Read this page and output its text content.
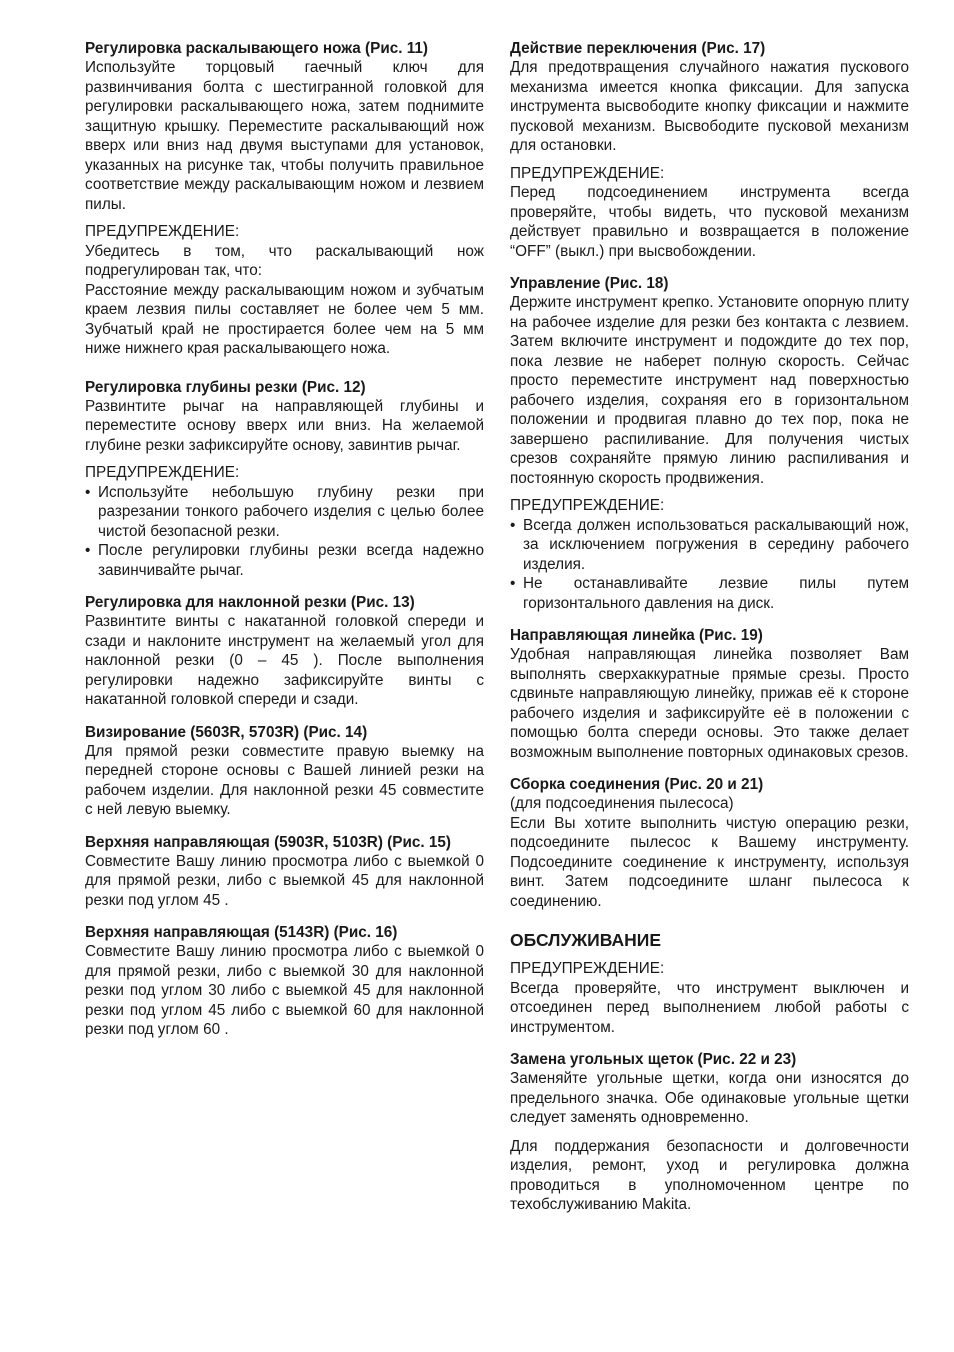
Регулировка раскалывающего ножа (Рис. 11)
Используйте торцовый гаечный ключ для развинчивания болта с шестигранной головкой для регулировки раскалывающего ножа, затем поднимите защитную крышку. Переместите раскалывающий нож вверх или вниз над двумя выступами для установок, указанных на рисунке так, чтобы получить правильное соответствие между раскалывающим ножом и лезвием пилы.
ПРЕДУПРЕЖДЕНИЕ:
Убедитесь в том, что раскалывающий нож подрегулирован так, что:
Расстояние между раскалывающим ножом и зубчатым краем лезвия пилы составляет не более чем 5 мм. Зубчатый край не простирается более чем на 5 мм ниже нижнего края раскалывающего ножа.
Регулировка глубины резки (Рис. 12)
Развинтите рычаг на направляющей глубины и переместите основу вверх или вниз. На желаемой глубине резки зафиксируйте основу, завинтив рычаг.
ПРЕДУПРЕЖДЕНИЕ:
• Используйте небольшую глубину резки при разрезании тонкого рабочего изделия с целью более чистой безопасной резки.
• После регулировки глубины резки всегда надежно завинчивайте рычаг.
Регулировка для наклонной резки (Рис. 13)
Развинтите винты с накатанной головкой спереди и сзади и наклоните инструмент на желаемый угол для наклонной резки (0 – 45 ). После выполнения регулировки надежно зафиксируйте винты с накатанной головкой спереди и сзади.
Визирование (5603R, 5703R) (Рис. 14)
Для прямой резки совместите правую выемку на передней стороне основы с Вашей линией резки на рабочем изделии. Для наклонной резки 45 совместите с ней левую выемку.
Верхняя направляющая (5903R, 5103R) (Рис. 15)
Совместите Вашу линию просмотра либо с выемкой 0 для прямой резки, либо с выемкой 45 для наклонной резки под углом 45 .
Верхняя направляющая (5143R) (Рис. 16)
Совместите Вашу линию просмотра либо с выемкой 0 для прямой резки, либо с выемкой 30 для наклонной резки под углом 30 либо с выемкой 45 для наклонной резки под углом 45 либо с выемкой 60 для наклонной резки под углом 60 .
Действие переключения (Рис. 17)
Для предотвращения случайного нажатия пускового механизма имеется кнопка фиксации. Для запуска инструмента высвободите кнопку фиксации и нажмите пусковой механизм. Высвободите пусковой механизм для остановки.
ПРЕДУПРЕЖДЕНИЕ:
Перед подсоединением инструмента всегда проверяйте, чтобы видеть, что пусковой механизм действует правильно и возвращается в положение “OFF” (выкл.) при высвобождении.
Управление (Рис. 18)
Держите инструмент крепко. Установите опорную плиту на рабочее изделие для резки без контакта с лезвием. Затем включите инструмент и подождите до тех пор, пока лезвие не наберет полную скорость. Сейчас просто переместите инструмент над поверхностью рабочего изделия, сохраняя его в горизонтальном положении и продвигая плавно до тех пор, пока не завершено распиливание. Для получения чистых срезов сохраняйте прямую линию распиливания и постоянную скорость продвижения.
ПРЕДУПРЕЖДЕНИЕ:
• Всегда должен использоваться раскалывающий нож, за исключением погружения в середину рабочего изделия.
• Не останавливайте лезвие пилы путем горизонтального давления на диск.
Направляющая линейка (Рис. 19)
Удобная направляющая линейка позволяет Вам выполнять сверхаккуратные прямые срезы. Просто сдвиньте направляющую линейку, прижав её к стороне рабочего изделия и зафиксируйте её в положении с помощью болта спереди основы. Это также делает возможным выполнение повторных одинаковых срезов.
Сборка соединения (Рис. 20 и 21)
(для подсоединения пылесоса)
Если Вы хотите выполнить чистую операцию резки, подсоедините пылесос к Вашему инструменту. Подсоедините соединение к инструменту, используя винт. Затем подсоедините шланг пылесоса к соединению.
ОБСЛУЖИВАНИЕ
ПРЕДУПРЕЖДЕНИЕ:
Всегда проверяйте, что инструмент выключен и отсоединен перед выполнением любой работы с инструментом.
Замена угольных щеток (Рис. 22 и 23)
Заменяйте угольные щетки, когда они износятся до предельного значка. Обе одинаковые угольные щетки следует заменять одновременно.
Для поддержания безопасности и долговечности изделия, ремонт, уход и регулировка должна проводиться в уполномоченном центре по техобслуживанию Makita.
